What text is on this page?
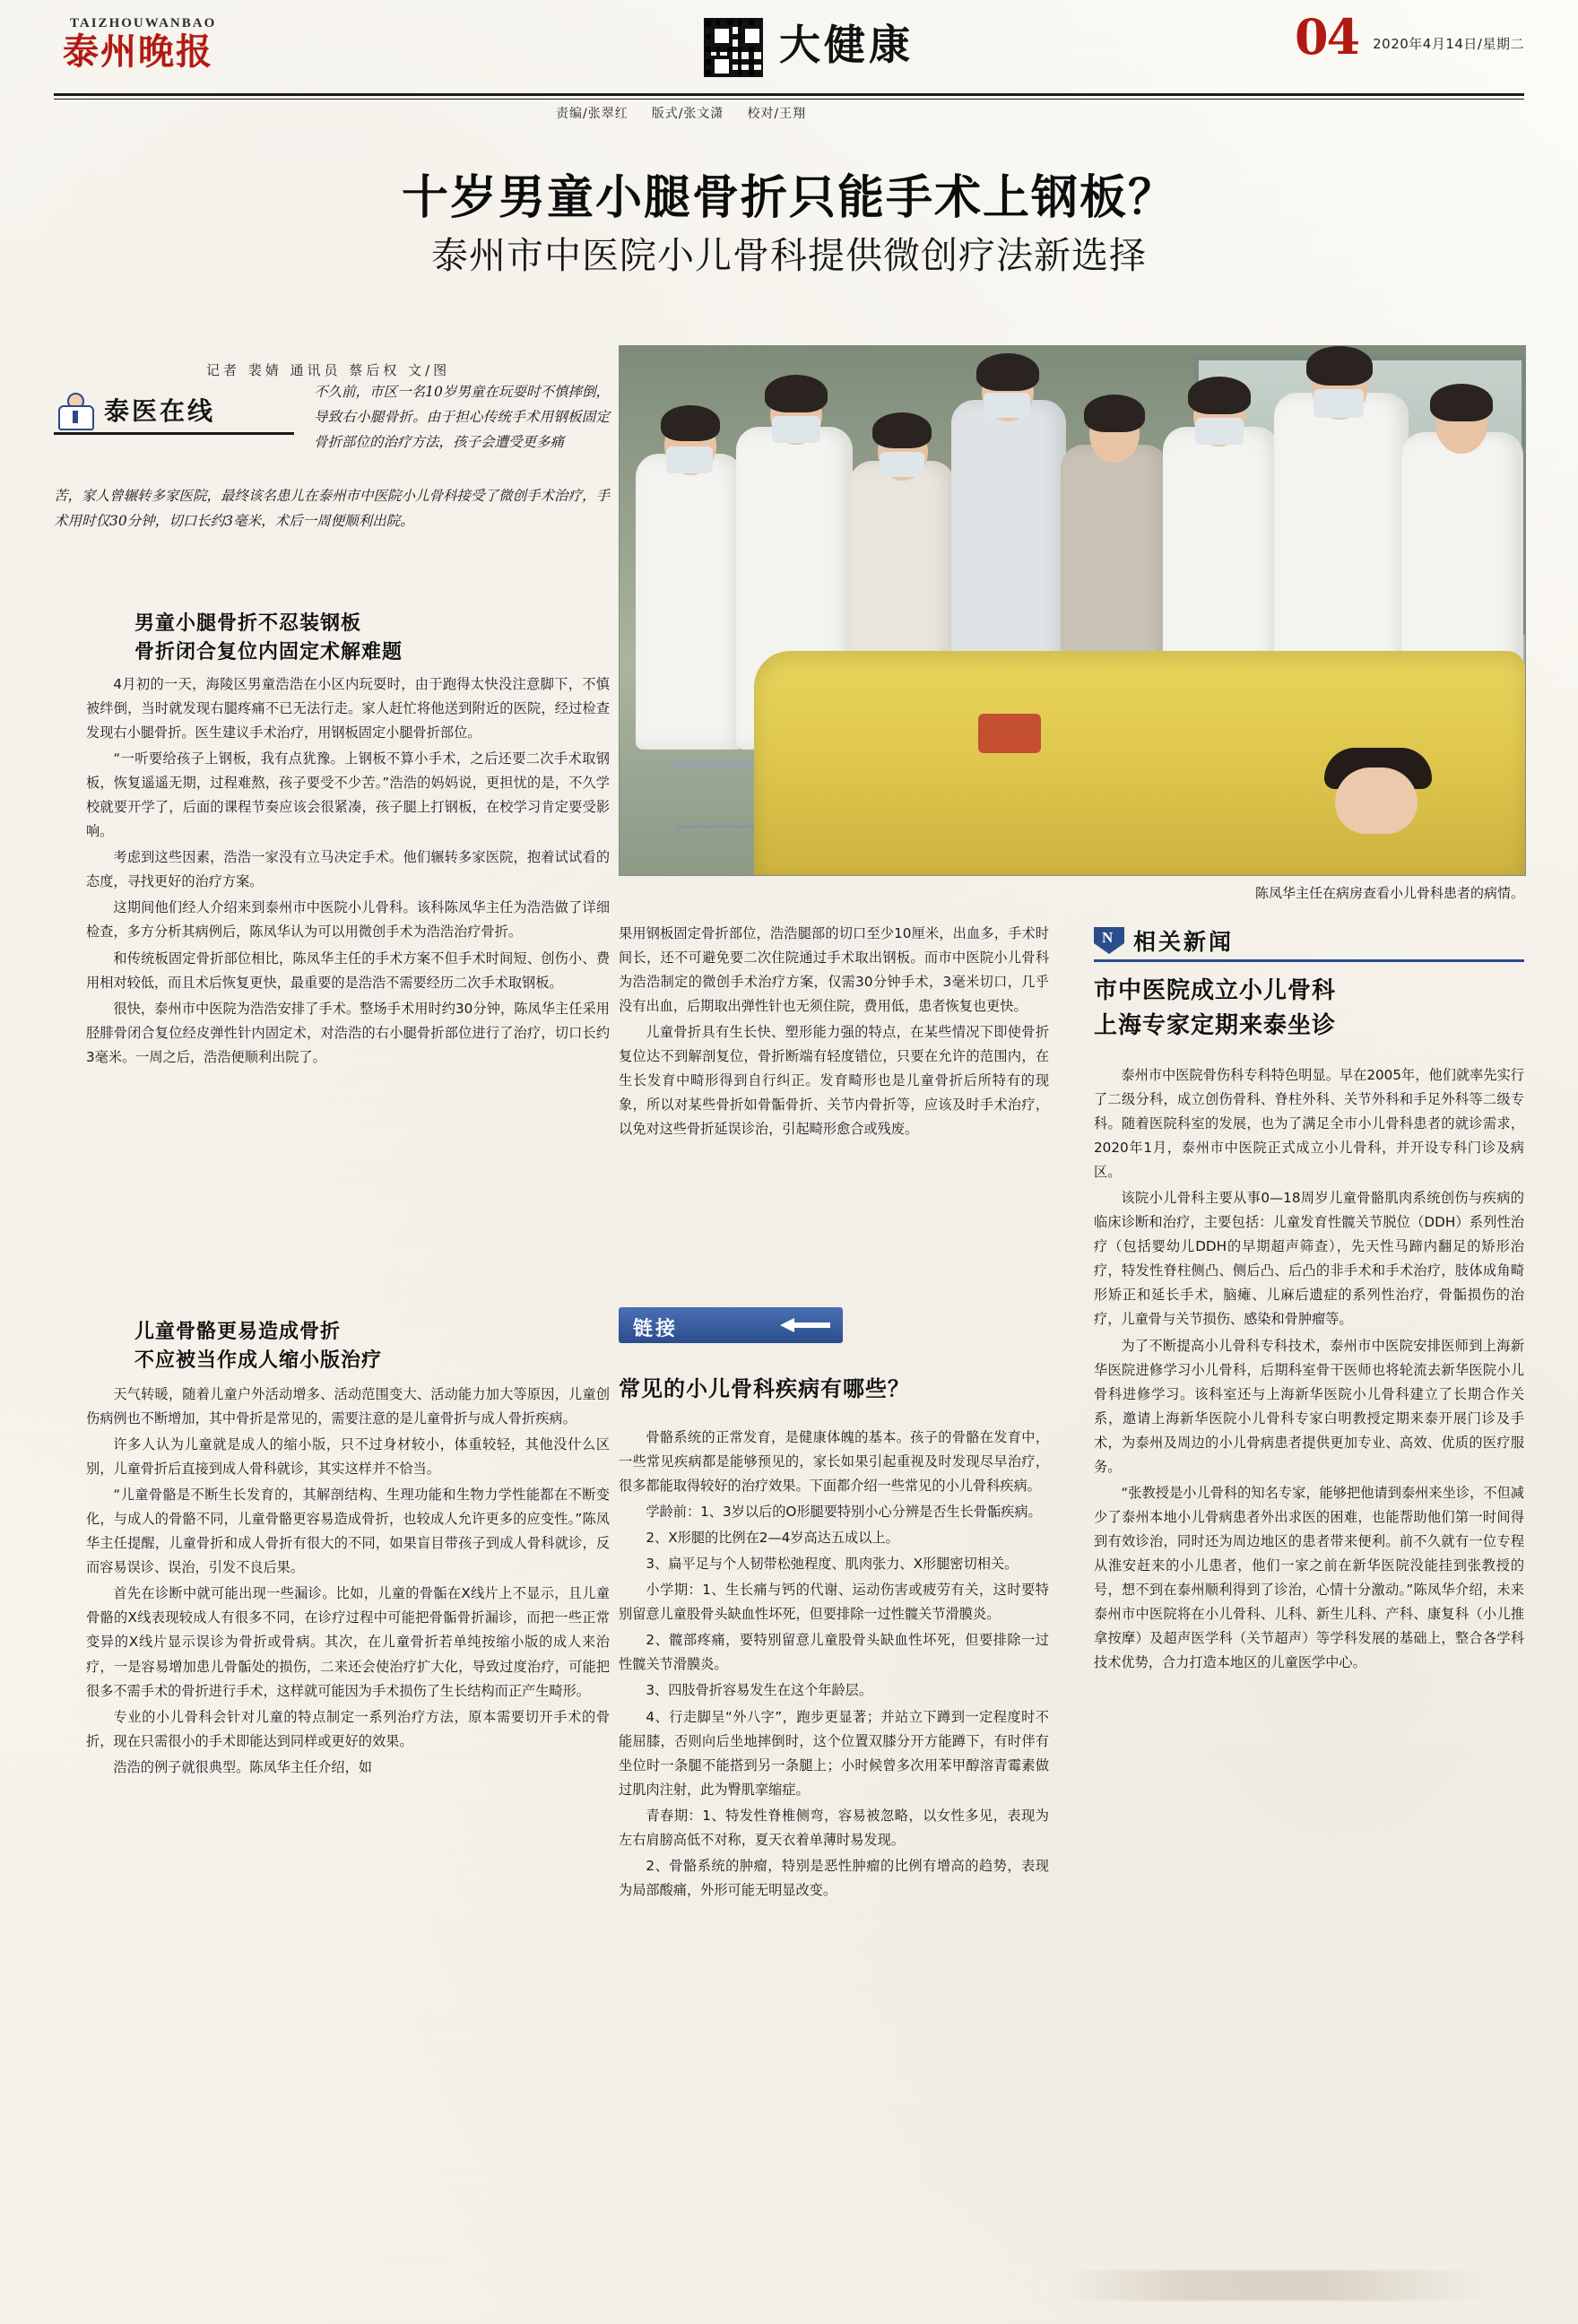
TAIZHOUWANBAO
泰州晚报	大健康	04 2020年4月14日/星期二
责编/张翠红 版式/张文潇 校对/王翔
十岁男童小腿骨折只能手术上钢板？
泰州市中医院小儿骨科提供微创疗法新选择
记者 裴婧 通讯员 蔡后权 文/图
泰医在线
不久前，市区一名10岁男童在玩耍时不慎摔倒，导致右小腿骨折。由于担心传统手术用钢板固定骨折部位的治疗方法，孩子会遭受更多痛
苦，家人曾辗转多家医院，最终该名患儿在泰州市中医院小儿骨科接受了微创手术治疗，手术用时仅30分钟，切口长约3毫米，术后一周便顺利出院。
陈凤华主任在病房查看小儿骨科患者的病情。
男童小腿骨折不忍装钢板
骨折闭合复位内固定术解难题

4月初的一天，海陵区男童浩浩在小区内玩耍时，由于跑得太快没注意脚下，不慎被绊倒，当时就发现右腿疼痛不已无法行走。家人赶忙将他送到附近的医院，经过检查发现右小腿骨折。医生建议手术治疗，用钢板固定小腿骨折部位。

“一听要给孩子上钢板，我有点犹豫。上钢板不算小手术，之后还要二次手术取钢板，恢复遥遥无期，过程难熬，孩子要受不少苦。”浩浩的妈妈说，更担忧的是，不久学校就要开学了，后面的课程节奏应该会很紧凑，孩子腿上打钢板，在校学习肯定要受影响。

考虑到这些因素，浩浩一家没有立马决定手术。他们辗转多家医院，抱着试试看的态度，寻找更好的治疗方案。

这期间他们经人介绍来到泰州市中医院小儿骨科。该科陈凤华主任为浩浩做了详细检查，多方分析其病例后，陈凤华认为可以用微创手术为浩浩治疗骨折。

和传统板固定骨折部位相比，陈凤华主任的手术方案不但手术时间短、创伤小、费用相对较低，而且术后恢复更快，最重要的是浩浩不需要经历二次手术取钢板。

很快，泰州市中医院为浩浩安排了手术。整场手术用时约30分钟，陈凤华主任采用胫腓骨闭合复位经皮弹性针内固定术，对浩浩的右小腿骨折部位进行了治疗，切口长约3毫米。一周之后，浩浩便顺利出院了。

儿童骨骼更易造成骨折
不应被当作成人缩小版治疗

天气转暖，随着儿童户外活动增多、活动范围变大、活动能力加大等原因，儿童创伤病例也不断增加，其中骨折是常见的，需要注意的是儿童骨折与成人骨折疾病。

许多人认为儿童就是成人的缩小版，只不过身材较小，体重较轻，其他没什么区别，儿童骨折后直接到成人骨科就诊，其实这样并不恰当。

“儿童骨骼是不断生长发育的，其解剖结构、生理功能和生物力学性能都在不断变化，与成人的骨骼不同，儿童骨骼更容易造成骨折，也较成人允许更多的应变性。”陈凤华主任提醒，儿童骨折和成人骨折有很大的不同，如果盲目带孩子到成人骨科就诊，反而容易误诊、误治，引发不良后果。

首先在诊断中就可能出现一些漏诊。比如，儿童的骨骺在X线片上不显示，且儿童骨骼的X线表现较成人有很多不同，在诊疗过程中可能把骨骺骨折漏诊，而把一些正常变异的X线片显示误诊为骨折或骨病。其次，在儿童骨折若单纯按缩小版的成人来治疗，一是容易增加患儿骨骺处的损伤，二来还会使治疗扩大化，导致过度治疗，可能把很多不需手术的骨折进行手术，这样就可能因为手术损伤了生长结构而正产生畸形。

专业的小儿骨科会针对儿童的特点制定一系列治疗方法，原本需要切开手术的骨折，现在只需很小的手术即能达到同样或更好的效果。

浩浩的例子就很典型。陈凤华主任介绍，如

果用钢板固定骨折部位，浩浩腿部的切口至少10厘米，出血多，手术时间长，还不可避免要二次住院通过手术取出钢板。而市中医院小儿骨科为浩浩制定的微创手术治疗方案，仅需30分钟手术，3毫米切口，几乎没有出血，后期取出弹性针也无须住院，费用低，患者恢复也更快。

儿童骨折具有生长快、塑形能力强的特点，在某些情况下即使骨折复位达不到解剖复位，骨折断端有轻度错位，只要在允许的范围内，在生长发育中畸形得到自行纠正。发育畸形也是儿童骨折后所特有的现象，所以对某些骨折如骨骺骨折、关节内骨折等，应该及时手术治疗，以免对这些骨折延误诊治，引起畸形愈合或残废。

链接
常见的小儿骨科疾病有哪些？

骨骼系统的正常发育，是健康体魄的基本。孩子的骨骼在发育中，一些常见疾病都是能够预见的，家长如果引起重视及时发现尽早治疗，很多都能取得较好的治疗效果。下面都介绍一些常见的小儿骨科疾病。

学龄前：1、3岁以后的O形腿要特别小心分辨是否生长骨骺疾病。

2、X形腿的比例在2—4岁高达五成以上。

3、扁平足与个人韧带松弛程度、肌肉张力、X形腿密切相关。

小学期：1、生长痛与钙的代谢、运动伤害或疲劳有关，这时要特别留意儿童股骨头缺血性坏死，但要排除一过性髋关节滑膜炎。

2、髋部疼痛，要特别留意儿童股骨头缺血性坏死，但要排除一过性髋关节滑膜炎。

3、四肢骨折容易发生在这个年龄层。

4、行走脚呈“外八字”，跑步更显著；并站立下蹲到一定程度时不能屈膝，否则向后坐地摔倒时，这个位置双膝分开方能蹲下，有时伴有坐位时一条腿不能搭到另一条腿上；小时候曾多次用苯甲醇溶青霉素做过肌肉注射，此为臀肌挛缩症。

青春期：1、特发性脊椎侧弯，容易被忽略，以女性多见，表现为左右肩膀高低不对称，夏天衣着单薄时易发现。

2、骨骼系统的肿瘤，特别是恶性肿瘤的比例有增高的趋势，表现为局部酸痛，外形可能无明显改变。

N
相关新闻
市中医院成立小儿骨科
上海专家定期来泰坐诊

泰州市中医院骨伤科专科特色明显。早在2005年，他们就率先实行了二级分科，成立创伤骨科、脊柱外科、关节外科和手足外科等二级专科。随着医院科室的发展，也为了满足全市小儿骨科患者的就诊需求，2020年1月，泰州市中医院正式成立小儿骨科，并开设专科门诊及病区。

该院小儿骨科主要从事0—18周岁儿童骨骼肌肉系统创伤与疾病的临床诊断和治疗，主要包括：儿童发育性髋关节脱位（DDH）系列性治疗（包括婴幼儿DDH的早期超声筛查），先天性马蹄内翻足的矫形治疗，特发性脊柱侧凸、侧后凸、后凸的非手术和手术治疗，肢体成角畸形矫正和延长手术，脑瘫、儿麻后遗症的系列性治疗，骨骺损伤的治疗，儿童骨与关节损伤、感染和骨肿瘤等。

为了不断提高小儿骨科专科技术，泰州市中医院安排医师到上海新华医院进修学习小儿骨科，后期科室骨干医师也将轮流去新华医院小儿骨科进修学习。该科室还与上海新华医院小儿骨科建立了长期合作关系，邀请上海新华医院小儿骨科专家白明教授定期来泰开展门诊及手术，为泰州及周边的小儿骨病患者提供更加专业、高效、优质的医疗服务。

“张教授是小儿骨科的知名专家，能够把他请到泰州来坐诊，不但减少了泰州本地小儿骨病患者外出求医的困难，也能帮助他们第一时间得到有效诊治，同时还为周边地区的患者带来便利。前不久就有一位专程从淮安赶来的小儿患者，他们一家之前在新华医院没能挂到张教授的号，想不到在泰州顺利得到了诊治，心情十分激动。”陈凤华介绍，未来泰州市中医院将在小儿骨科、儿科、新生儿科、产科、康复科（小儿推拿按摩）及超声医学科（关节超声）等学科发展的基础上，整合各学科技术优势，合力打造本地区的儿童医学中心。
